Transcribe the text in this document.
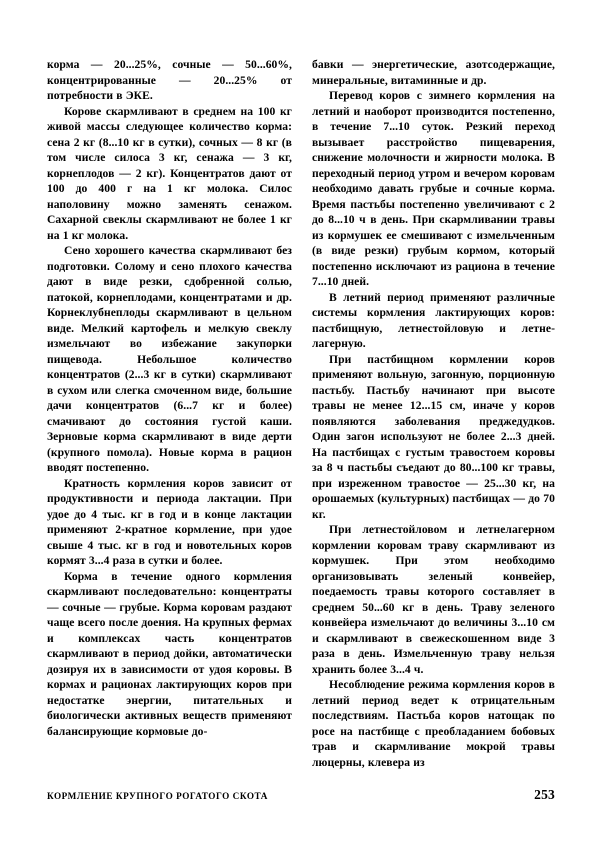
корма — 20...25%, сочные — 50...60%, концентрированные — 20...25% от потребности в ЭКЕ.

Корове скармливают в среднем на 100 кг живой массы следующее количество корма: сена 2 кг (8...10 кг в сутки), сочных — 8 кг (в том числе силоса 3 кг, сенажа — 3 кг, корнеплодов — 2 кг). Концентратов дают от 100 до 400 г на 1 кг молока. Силос наполовину можно заменять сенажом. Сахарной свеклы скармливают не более 1 кг на 1 кг молока.

Сено хорошего качества скармливают без подготовки. Солому и сено плохого качества дают в виде резки, сдобренной солью, патокой, корнеплодами, концентратами и др. Корнеклубнеплоды скармливают в цельном виде. Мелкий картофель и мелкую свеклу измельчают во избежание закупорки пищевода. Небольшое количество концентратов (2...3 кг в сутки) скармливают в сухом или слегка смоченном виде, большие дачи концентратов (6...7 кг и более) смачивают до состояния густой каши. Зерновые корма скармливают в виде дерти (крупного помола). Новые корма в рацион вводят постепенно.

Кратность кормления коров зависит от продуктивности и периода лактации. При удое до 4 тыс. кг в год и в конце лактации применяют 2-кратное кормление, при удое свыше 4 тыс. кг в год и новотельных коров кормят 3...4 раза в сутки и более.

Корма в течение одного кормления скармливают последовательно: концентраты — сочные — грубые. Корма коровам раздают чаще всего после доения. На крупных фермах и комплексах часть концентратов скармливают в период дойки, автоматически дозируя их в зависимости от удоя коровы. В кормах и рационах лактирующих коров при недостатке энергии, питательных и биологически активных веществ применяют балансирующие кормовые до-

бавки — энергетические, азотсодержащие, минеральные, витаминные и др.

Перевод коров с зимнего кормления на летний и наоборот производится постепенно, в течение 7...10 суток. Резкий переход вызывает расстройство пищеварения, снижение молочности и жирности молока. В переходный период утром и вечером коровам необходимо давать грубые и сочные корма. Время пастьбы постепенно увеличивают с 2 до 8...10 ч в день. При скармливании травы из кормушек ее смешивают с измельченным (в виде резки) грубым кормом, который постепенно исключают из рациона в течение 7...10 дней.

В летний период применяют различные системы кормления лактирующих коров: пастбищную, летнестойловую и летне-лагерную.

При пастбищном кормлении коров применяют вольную, загонную, порционную пастьбу. Пастьбу начинают при высоте травы не менее 12...15 см, иначе у коров появляются заболевания преджедудков. Один загон используют не более 2...3 дней. На пастбищах с густым травостоем коровы за 8 ч пастьбы съедают до 80...100 кг травы, при изреженном травостое — 25...30 кг, на орошаемых (культурных) пастбищах — до 70 кг.

При летнестойловом и летнелагерном кормлении коровам траву скармливают из кормушек. При этом необходимо организовывать зеленый конвейер, поедаемость травы которого составляет в среднем 50...60 кг в день. Траву зеленого конвейера измельчают до величины 3...10 см и скармливают в свежескошенном виде 3 раза в день. Измельченную траву нельзя хранить более 3...4 ч.

Несоблюдение режима кормления коров в летний период ведет к отрицательным последствиям. Пастьба коров натощак по росе на пастбище с преобладанием бобовых трав и скармливание мокрой травы люцерны, клевера из

КОРМЛЕНИЕ КРУПНОГО РОГАТОГО СКОТА	253
